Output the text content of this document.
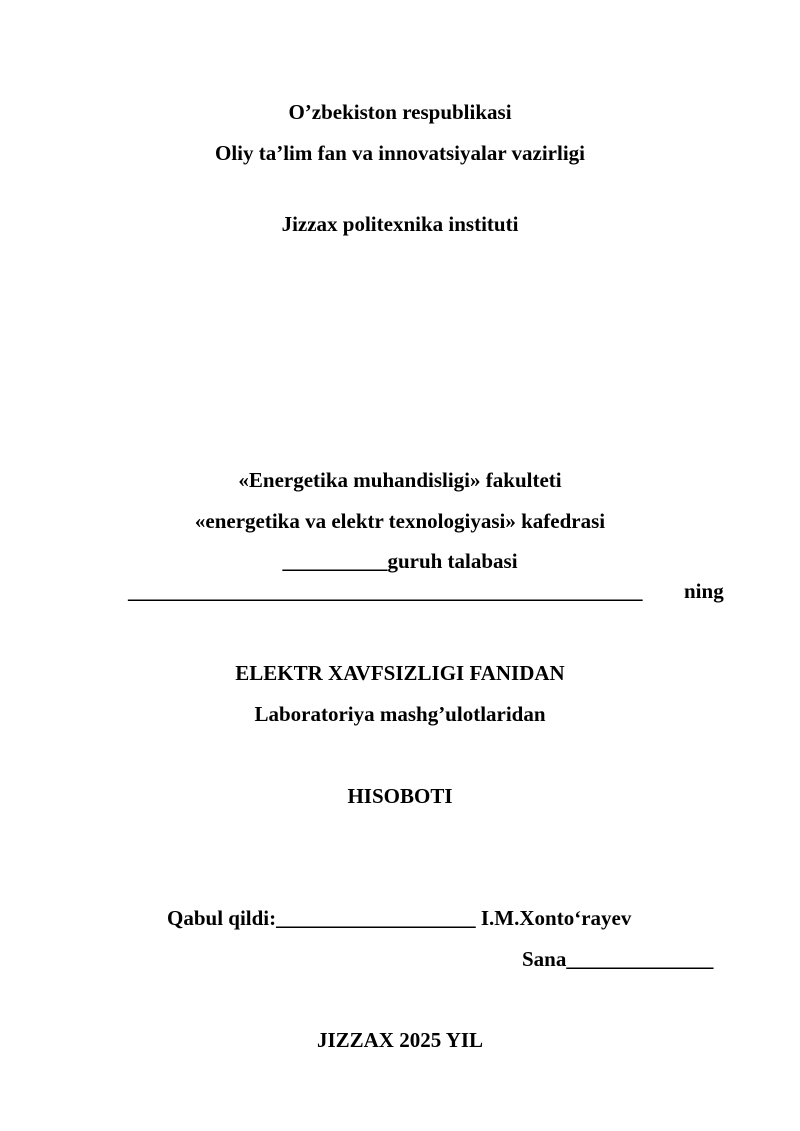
O’zbekiston respublikasi
Oliy ta’lim fan va innovatsiyalar vazirligi
Jizzax politexnika instituti
«Energetika muhandisligi» fakulteti
«energetika va elektr texnologiyasi» kafedrasi
__________guruh talabasi
_________________________________________________ ning
ELEKTR XAVFSIZLIGI FANIDAN
Laboratoriya mashg’ulotlaridan
HISOBOTI
Qabul qildi:___________________ I.M.Xonto‘rayev
Sana______________
JIZZAX 2025 YIL
